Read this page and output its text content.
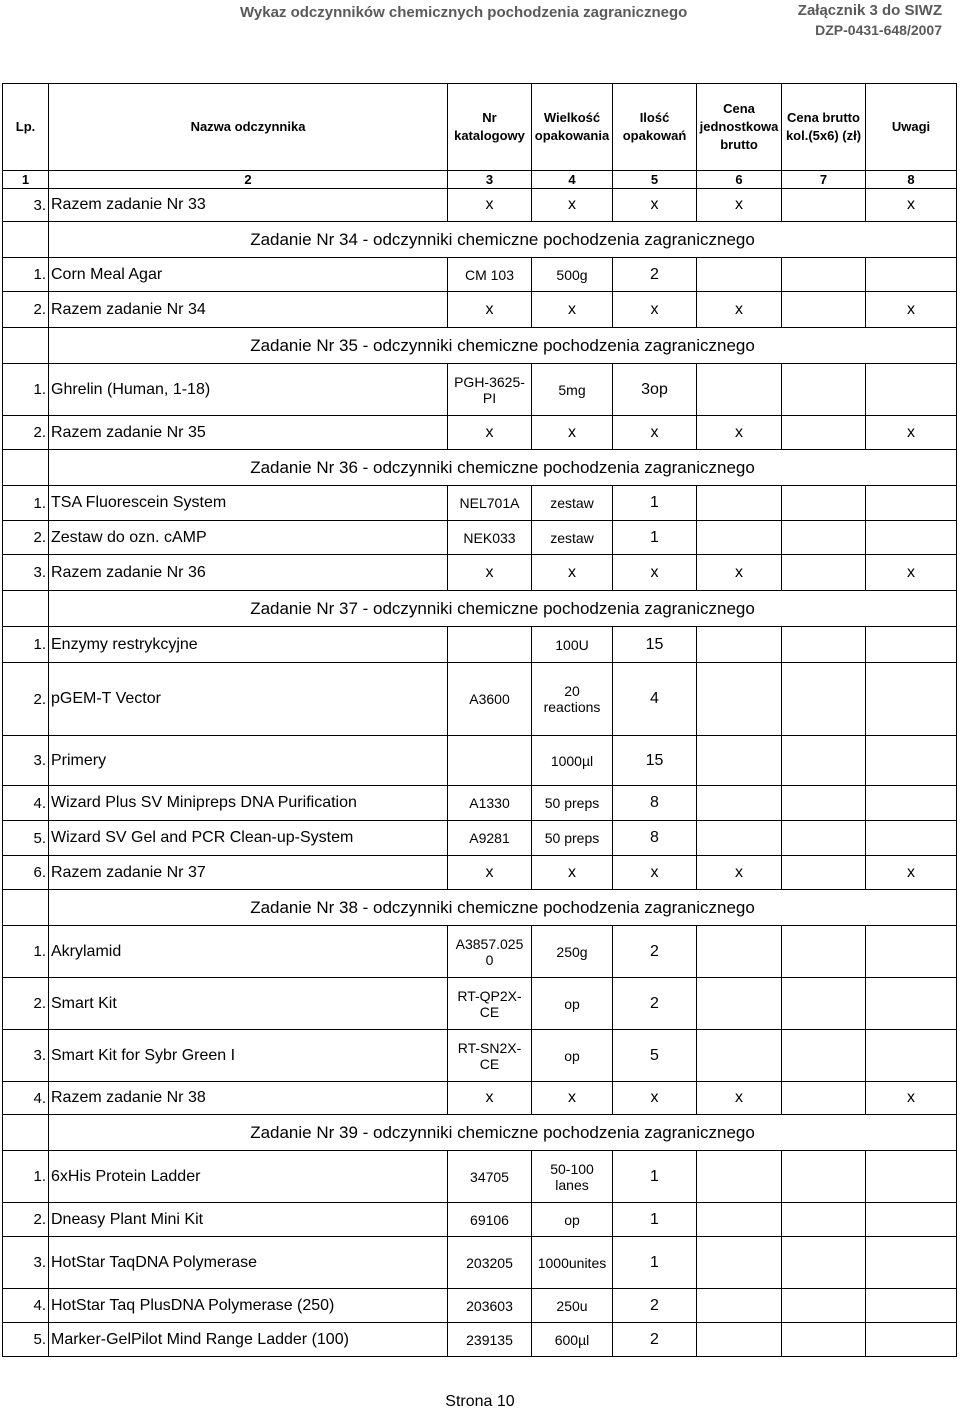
Wykaz odczynników chemicznych pochodzenia zagranicznego	Załącznik 3 do SIWZ
DZP-0431-648/2007
Lp.	Nazwa odczynnika	Nr katalogowy	Wielkość opakowania	Ilość opakowań	Cena jednostkowa brutto	Cena brutto kol.(5x6) (zł)	Uwagi
1	2	3	4	5	6	7	8
3.	Razem zadanie Nr 33	x	x	x	x		x
	Zadanie Nr 34 - odczynniki chemiczne pochodzenia zagranicznego						
1.	Corn Meal Agar	CM 103	500g	2			
2.	Razem zadanie Nr 34	x	x	x	x		x
	Zadanie Nr 35 - odczynniki chemiczne pochodzenia zagranicznego						
1.	Ghrelin (Human, 1-18)	PGH-3625-PI	5mg	3op			
2.	Razem zadanie Nr 35	x	x	x	x		x
	Zadanie Nr 36 - odczynniki chemiczne pochodzenia zagranicznego						
1.	TSA Fluorescein System	NEL701A	zestaw	1			
2.	Zestaw do ozn. cAMP	NEK033	zestaw	1			
3.	Razem zadanie Nr 36	x	x	x	x		x
	Zadanie Nr 37 - odczynniki chemiczne pochodzenia zagranicznego						
1.	Enzymy restrykcyjne		100U	15			
2.	pGEM-T Vector	A3600	20 reactions	4			
3.	Primery		1000µl	15			
4.	Wizard Plus SV Minipreps DNA Purification	A1330	50 preps	8			
5.	Wizard SV Gel and PCR Clean-up-System	A9281	50 preps	8			
6.	Razem zadanie Nr 37	x	x	x	x		x
	Zadanie Nr 38 - odczynniki chemiczne pochodzenia zagranicznego						
1.	Akrylamid	A3857.025 0	250g	2			
2.	Smart Kit	RT-QP2X-CE	op	2			
3.	Smart Kit for Sybr Green I	RT-SN2X-CE	op	5			
4.	Razem zadanie Nr 38	x	x	x	x		x
	Zadanie Nr 39 - odczynniki chemiczne pochodzenia zagranicznego						
1.	6xHis Protein Ladder	34705	50-100 lanes	1			
2.	Dneasy Plant Mini Kit	69106	op	1			
3.	HotStar TaqDNA Polymerase	203205	1000unites	1			
4.	HotStar Taq PlusDNA Polymerase (250)	203603	250u	2			
5.	Marker-GelPilot Mind Range Ladder (100)	239135	600µl	2			
Strona 10
